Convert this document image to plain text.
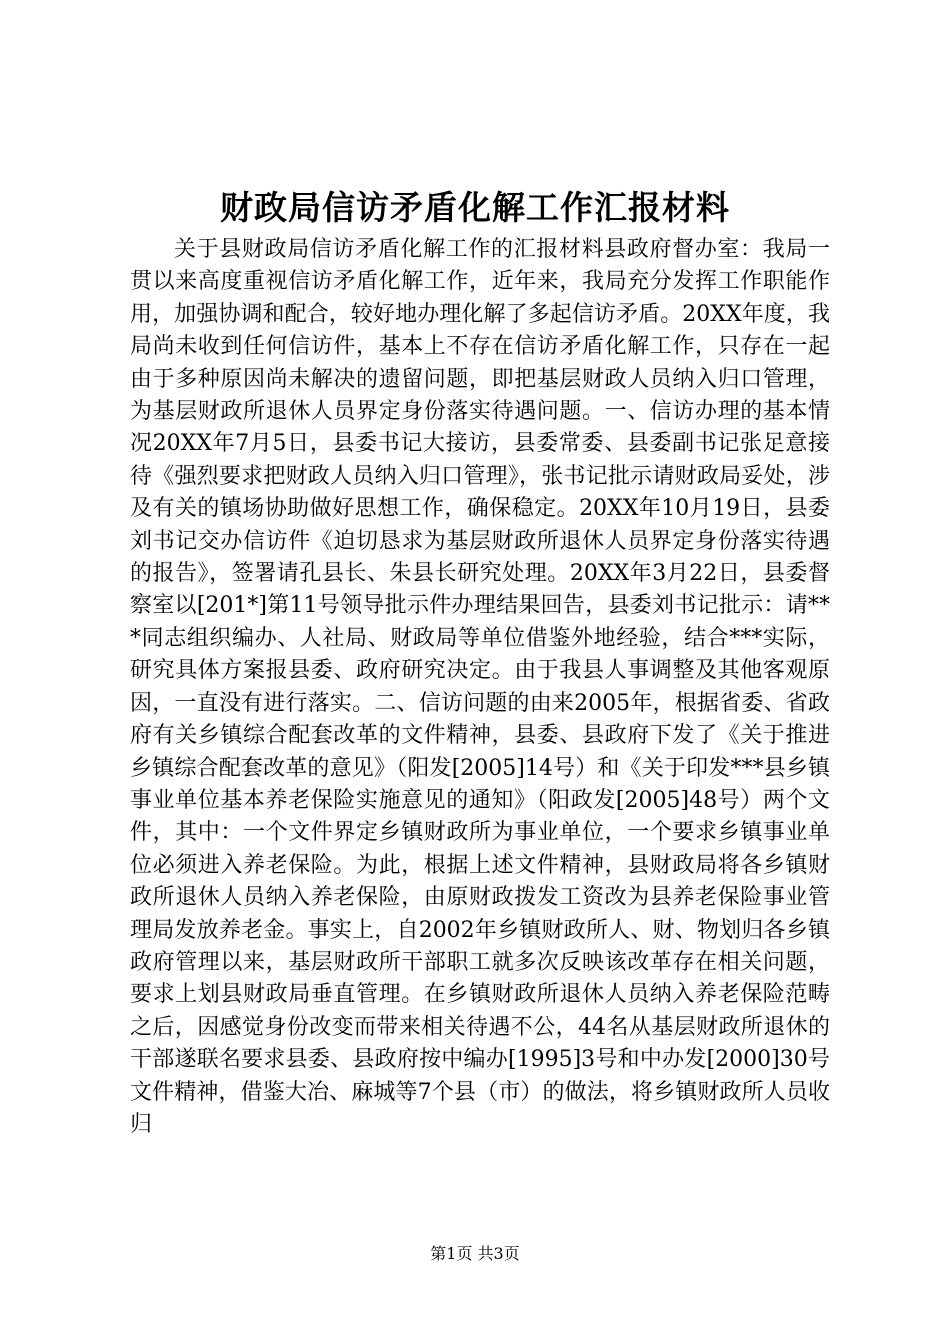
财政局信访矛盾化解工作汇报材料

关于县财政局信访矛盾化解工作的汇报材料县政府督办室：我局一贯以来高度重视信访矛盾化解工作，近年来，我局充分发挥工作职能作用，加强协调和配合，较好地办理化解了多起信访矛盾。20XX年度，我局尚未收到任何信访件，基本上不存在信访矛盾化解工作，只存在一起由于多种原因尚未解决的遗留问题，即把基层财政人员纳入归口管理，为基层财政所退休人员界定身份落实待遇问题。一、信访办理的基本情况20XX年7月5日，县委书记大接访，县委常委、县委副书记张足意接待《强烈要求把财政人员纳入归口管理》，张书记批示请财政局妥处，涉及有关的镇场协助做好思想工作，确保稳定。20XX年10月19日，县委刘书记交办信访件《迫切恳求为基层财政所退休人员界定身份落实待遇的报告》，签署请孔县长、朱县长研究处理。20XX年3月22日，县委督察室以[201*]第11号领导批示件办理结果回告，县委刘书记批示：请***同志组织编办、人社局、财政局等单位借鉴外地经验，结合***实际，研究具体方案报县委、政府研究决定。由于我县人事调整及其他客观原因，一直没有进行落实。二、信访问题的由来2005年，根据省委、省政府有关乡镇综合配套改革的文件精神，县委、县政府下发了《关于推进乡镇综合配套改革的意见》（阳发[2005]14号）和《关于印发***县乡镇事业单位基本养老保险实施意见的通知》（阳政发[2005]48号）两个文件，其中：一个文件界定乡镇财政所为事业单位，一个要求乡镇事业单位必须进入养老保险。为此，根据上述文件精神，县财政局将各乡镇财政所退休人员纳入养老保险，由原财政拨发工资改为县养老保险事业管理局发放养老金。事实上，自2002年乡镇财政所人、财、物划归各乡镇政府管理以来，基层财政所干部职工就多次反映该改革存在相关问题，要求上划县财政局垂直管理。在乡镇财政所退休人员纳入养老保险范畴之后，因感觉身份改变而带来相关待遇不公，44名从基层财政所退休的干部遂联名要求县委、县政府按中编办[1995]3号和中办发[2000]30号文件精神，借鉴大冶、麻城等7个县（市）的做法，将乡镇财政所人员收归

第1页 共3页
